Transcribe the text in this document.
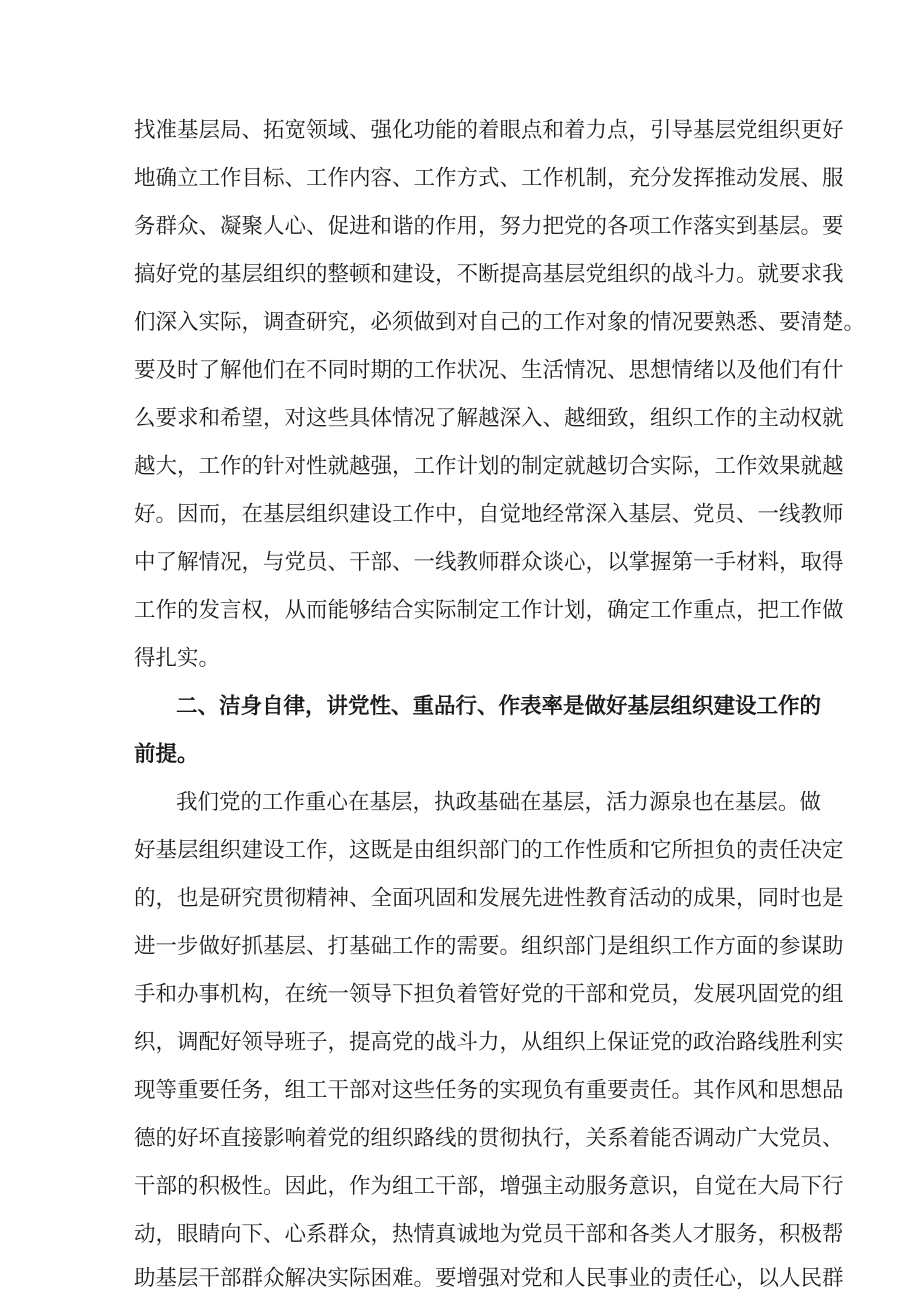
找准基层局、拓宽领域、强化功能的着眼点和着力点，引导基层党组织更好
地确立工作目标、工作内容、工作方式、工作机制，充分发挥推动发展、服
务群众、凝聚人心、促进和谐的作用，努力把党的各项工作落实到基层。要
搞好党的基层组织的整顿和建设，不断提高基层党组织的战斗力。就要求我
们深入实际，调查研究，必须做到对自己的工作对象的情况要熟悉、要清楚。
要及时了解他们在不同时期的工作状况、生活情况、思想情绪以及他们有什
么要求和希望，对这些具体情况了解越深入、越细致，组织工作的主动权就
越大，工作的针对性就越强，工作计划的制定就越切合实际，工作效果就越
好。因而，在基层组织建设工作中，自觉地经常深入基层、党员、一线教师
中了解情况，与党员、干部、一线教师群众谈心，以掌握第一手材料，取得
工作的发言权，从而能够结合实际制定工作计划，确定工作重点，把工作做
得扎实。
二、洁身自律，讲党性、重品行、作表率是做好基层组织建设工作的
前提。
我们党的工作重心在基层，执政基础在基层，活力源泉也在基层。做
好基层组织建设工作，这既是由组织部门的工作性质和它所担负的责任决定
的，也是研究贯彻精神、全面巩固和发展先进性教育活动的成果，同时也是
进一步做好抓基层、打基础工作的需要。组织部门是组织工作方面的参谋助
手和办事机构，在统一领导下担负着管好党的干部和党员，发展巩固党的组
织，调配好领导班子，提高党的战斗力，从组织上保证党的政治路线胜利实
现等重要任务，组工干部对这些任务的实现负有重要责任。其作风和思想品
德的好坏直接影响着党的组织路线的贯彻执行，关系着能否调动广大党员、
干部的积极性。因此，作为组工干部，增强主动服务意识，自觉在大局下行
动，眼睛向下、心系群众，热情真诚地为党员干部和各类人才服务，积极帮
助基层干部群众解决实际困难。要增强对党和人民事业的责任心，以人民群
